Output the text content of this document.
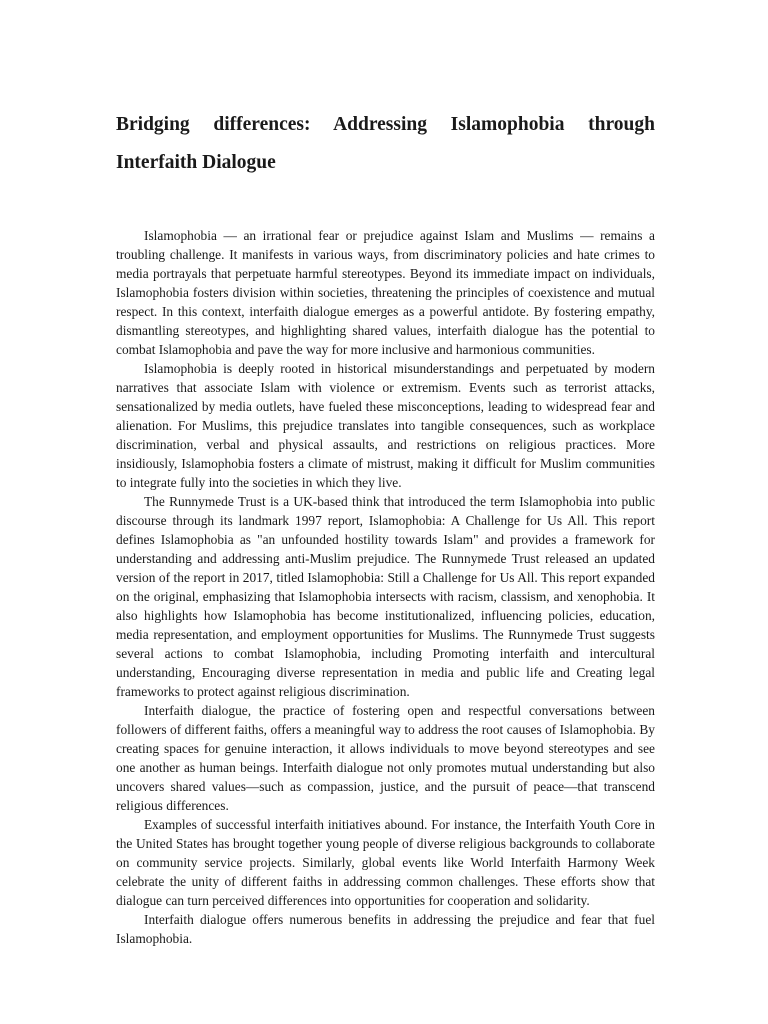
Bridging differences: Addressing Islamophobia through Interfaith Dialogue

Islamophobia — an irrational fear or prejudice against Islam and Muslims — remains a troubling challenge. It manifests in various ways, from discriminatory policies and hate crimes to media portrayals that perpetuate harmful stereotypes. Beyond its immediate impact on individuals, Islamophobia fosters division within societies, threatening the principles of coexistence and mutual respect. In this context, interfaith dialogue emerges as a powerful antidote. By fostering empathy, dismantling stereotypes, and highlighting shared values, interfaith dialogue has the potential to combat Islamophobia and pave the way for more inclusive and harmonious communities.

Islamophobia is deeply rooted in historical misunderstandings and perpetuated by modern narratives that associate Islam with violence or extremism. Events such as terrorist attacks, sensationalized by media outlets, have fueled these misconceptions, leading to widespread fear and alienation. For Muslims, this prejudice translates into tangible consequences, such as workplace discrimination, verbal and physical assaults, and restrictions on religious practices. More insidiously, Islamophobia fosters a climate of mistrust, making it difficult for Muslim communities to integrate fully into the societies in which they live.

The Runnymede Trust is a UK-based think that introduced the term Islamophobia into public discourse through its landmark 1997 report, Islamophobia: A Challenge for Us All. This report defines Islamophobia as "an unfounded hostility towards Islam" and provides a framework for understanding and addressing anti-Muslim prejudice. The Runnymede Trust released an updated version of the report in 2017, titled Islamophobia: Still a Challenge for Us All. This report expanded on the original, emphasizing that Islamophobia intersects with racism, classism, and xenophobia. It also highlights how Islamophobia has become institutionalized, influencing policies, education, media representation, and employment opportunities for Muslims. The Runnymede Trust suggests several actions to combat Islamophobia, including Promoting interfaith and intercultural understanding, Encouraging diverse representation in media and public life and Creating legal frameworks to protect against religious discrimination.

Interfaith dialogue, the practice of fostering open and respectful conversations between followers of different faiths, offers a meaningful way to address the root causes of Islamophobia. By creating spaces for genuine interaction, it allows individuals to move beyond stereotypes and see one another as human beings. Interfaith dialogue not only promotes mutual understanding but also uncovers shared values—such as compassion, justice, and the pursuit of peace—that transcend religious differences.

Examples of successful interfaith initiatives abound. For instance, the Interfaith Youth Core in the United States has brought together young people of diverse religious backgrounds to collaborate on community service projects. Similarly, global events like World Interfaith Harmony Week celebrate the unity of different faiths in addressing common challenges. These efforts show that dialogue can turn perceived differences into opportunities for cooperation and solidarity.

Interfaith dialogue offers numerous benefits in addressing the prejudice and fear that fuel Islamophobia.
